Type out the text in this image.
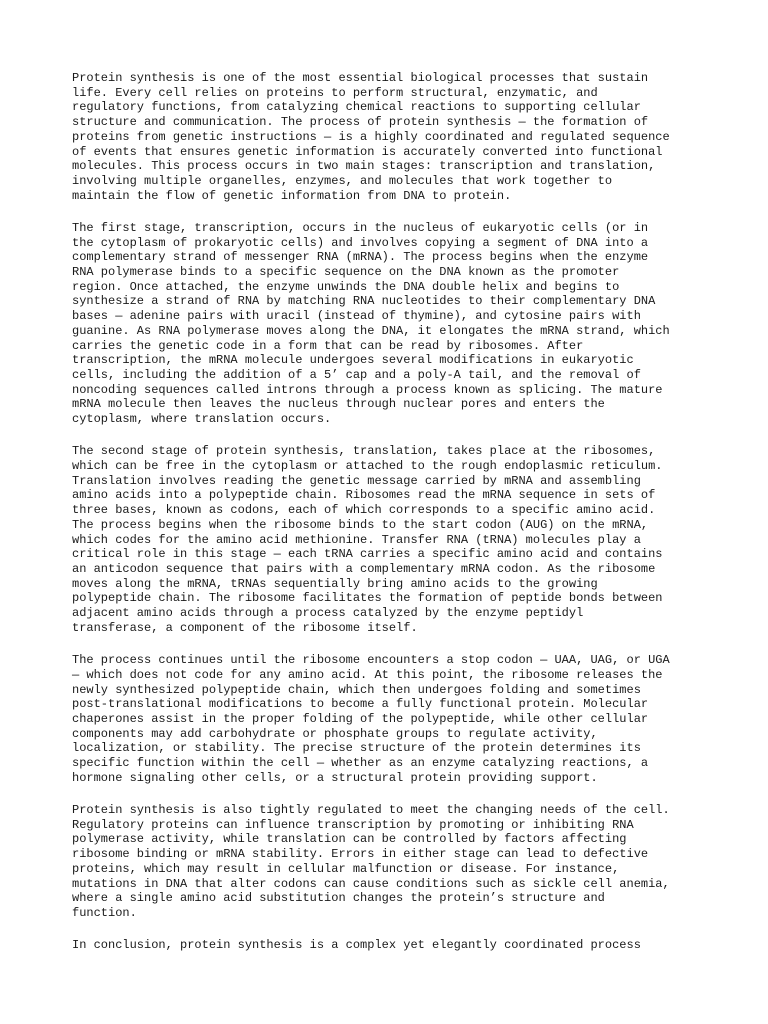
Protein synthesis is one of the most essential biological processes that sustain
life. Every cell relies on proteins to perform structural, enzymatic, and
regulatory functions, from catalyzing chemical reactions to supporting cellular
structure and communication. The process of protein synthesis — the formation of
proteins from genetic instructions — is a highly coordinated and regulated sequence
of events that ensures genetic information is accurately converted into functional
molecules. This process occurs in two main stages: transcription and translation,
involving multiple organelles, enzymes, and molecules that work together to
maintain the flow of genetic information from DNA to protein.
The first stage, transcription, occurs in the nucleus of eukaryotic cells (or in
the cytoplasm of prokaryotic cells) and involves copying a segment of DNA into a
complementary strand of messenger RNA (mRNA). The process begins when the enzyme
RNA polymerase binds to a specific sequence on the DNA known as the promoter
region. Once attached, the enzyme unwinds the DNA double helix and begins to
synthesize a strand of RNA by matching RNA nucleotides to their complementary DNA
bases — adenine pairs with uracil (instead of thymine), and cytosine pairs with
guanine. As RNA polymerase moves along the DNA, it elongates the mRNA strand, which
carries the genetic code in a form that can be read by ribosomes. After
transcription, the mRNA molecule undergoes several modifications in eukaryotic
cells, including the addition of a 5’ cap and a poly-A tail, and the removal of
noncoding sequences called introns through a process known as splicing. The mature
mRNA molecule then leaves the nucleus through nuclear pores and enters the
cytoplasm, where translation occurs.
The second stage of protein synthesis, translation, takes place at the ribosomes,
which can be free in the cytoplasm or attached to the rough endoplasmic reticulum.
Translation involves reading the genetic message carried by mRNA and assembling
amino acids into a polypeptide chain. Ribosomes read the mRNA sequence in sets of
three bases, known as codons, each of which corresponds to a specific amino acid.
The process begins when the ribosome binds to the start codon (AUG) on the mRNA,
which codes for the amino acid methionine. Transfer RNA (tRNA) molecules play a
critical role in this stage — each tRNA carries a specific amino acid and contains
an anticodon sequence that pairs with a complementary mRNA codon. As the ribosome
moves along the mRNA, tRNAs sequentially bring amino acids to the growing
polypeptide chain. The ribosome facilitates the formation of peptide bonds between
adjacent amino acids through a process catalyzed by the enzyme peptidyl
transferase, a component of the ribosome itself.
The process continues until the ribosome encounters a stop codon — UAA, UAG, or UGA
— which does not code for any amino acid. At this point, the ribosome releases the
newly synthesized polypeptide chain, which then undergoes folding and sometimes
post-translational modifications to become a fully functional protein. Molecular
chaperones assist in the proper folding of the polypeptide, while other cellular
components may add carbohydrate or phosphate groups to regulate activity,
localization, or stability. The precise structure of the protein determines its
specific function within the cell — whether as an enzyme catalyzing reactions, a
hormone signaling other cells, or a structural protein providing support.
Protein synthesis is also tightly regulated to meet the changing needs of the cell.
Regulatory proteins can influence transcription by promoting or inhibiting RNA
polymerase activity, while translation can be controlled by factors affecting
ribosome binding or mRNA stability. Errors in either stage can lead to defective
proteins, which may result in cellular malfunction or disease. For instance,
mutations in DNA that alter codons can cause conditions such as sickle cell anemia,
where a single amino acid substitution changes the protein’s structure and
function.
In conclusion, protein synthesis is a complex yet elegantly coordinated process
